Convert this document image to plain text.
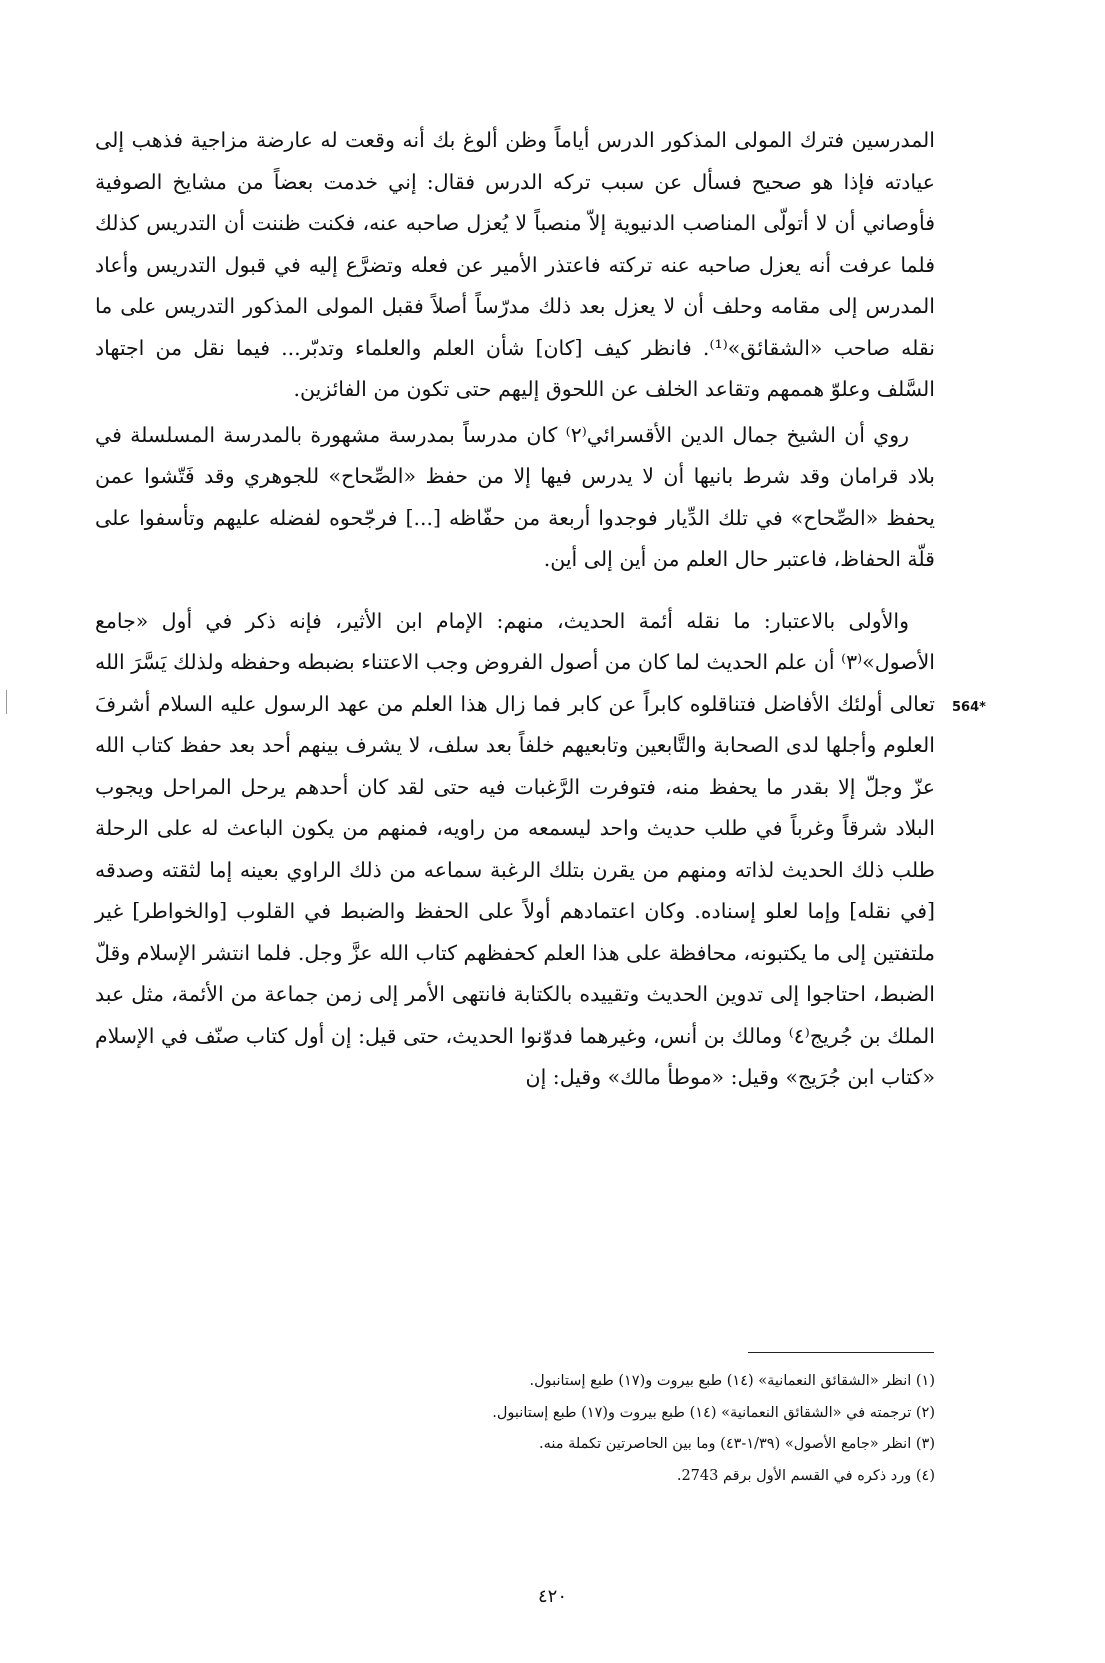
المدرسين فترك المولى المذكور الدرس أياماً وظن ألوغ بك أنه وقعت له عارضة مزاجية فذهب إلى عيادته فإذا هو صحيح فسأل عن سبب تركه الدرس فقال: إني خدمت بعضاً من مشايخ الصوفية فأوصاني أن لا أتولّى المناصب الدنيوية إلاّ منصباً لا يُعزل صاحبه عنه، فكنت ظننت أن التدريس كذلك فلما عرفت أنه يعزل صاحبه عنه تركته فاعتذر الأمير عن فعله وتضرَّع إليه في قبول التدريس وأعاد المدرس إلى مقامه وحلف أن لا يعزل بعد ذلك مدرّساً أصلاً فقبل المولى المذكور التدريس على ما نقله صاحب «الشقائق»⁽¹⁾. فانظر كيف [كان] شأن العلم والعلماء وتدبّر... فيما نقل من اجتهاد السَّلف وعلوّ هممهم وتقاعد الخلف عن اللحوق إليهم حتى تكون من الفائزين.

روي أن الشيخ جمال الدين الأقسرائي⁽٢⁾ كان مدرساً بمدرسة مشهورة بالمدرسة المسلسلة في بلاد قرامان وقد شرط بانيها أن لا يدرس فيها إلا من حفظ «الصِّحاح» للجوهري وقد فَتّشوا عمن يحفظ «الصِّحاح» في تلك الدِّيار فوجدوا أربعة من حفّاظه [...] فرجّحوه لفضله عليهم وتأسفوا على قلّة الحفاظ، فاعتبر حال العلم من أين إلى أين.

والأولى بالاعتبار: ما نقله أئمة الحديث، منهم: الإمام ابن الأثير، فإنه ذكر في أول «جامع الأصول»⁽٣⁾ أن علم الحديث لما كان من أصول الفروض وجب الاعتناء بضبطه وحفظه ولذلك يَسَّرَ الله تعالى أولئك الأفاضل فتناقلوه كابراً عن كابر فما زال هذا العلم من عهد الرسول عليه السلام أشرفَ العلوم وأجلها لدى الصحابة والتَّابعين وتابعيهم خلفاً بعد سلف، لا يشرف بينهم أحد بعد حفظ كتاب الله عزّ وجلّ إلا بقدر ما يحفظ منه، فتوفرت الرَّغبات فيه حتى لقد كان أحدهم يرحل المراحل ويجوب البلاد شرقاً وغرباً في طلب حديث واحد ليسمعه من راويه، فمنهم من يكون الباعث له على الرحلة طلب ذلك الحديث لذاته ومنهم من يقرن بتلك الرغبة سماعه من ذلك الراوي بعينه إما لثقته وصدقه [في نقله] وإما لعلو إسناده. وكان اعتمادهم أولاً على الحفظ والضبط في القلوب [والخواطر] غير ملتفتين إلى ما يكتبونه، محافظة على هذا العلم كحفظهم كتاب الله عزَّ وجل. فلما انتشر الإسلام وقلّ الضبط، احتاجوا إلى تدوين الحديث وتقييده بالكتابة فانتهى الأمر إلى زمن جماعة من الأئمة، مثل عبد الملك بن جُريج⁽٤⁾ ومالك بن أنس، وغيرهما فدوّنوا الحديث، حتى قيل: إن أول كتاب صنّف في الإسلام «كتاب ابن جُرَيج» وقيل: «موطأ مالك» وقيل: إن

564*
(١) انظر «الشقائق النعمانية» (١٤) طبع بيروت و(١٧) طبع إستانبول.
(٢) ترجمته في «الشقائق النعمانية» (١٤) طبع بيروت و(١٧) طبع إستانبول.
(٣) انظر «جامع الأصول» (١/٣٩-٤٣) وما بين الحاصرتين تكملة منه.
(٤) ورد ذكره في القسم الأول برقم 2743.
٤٢٠
